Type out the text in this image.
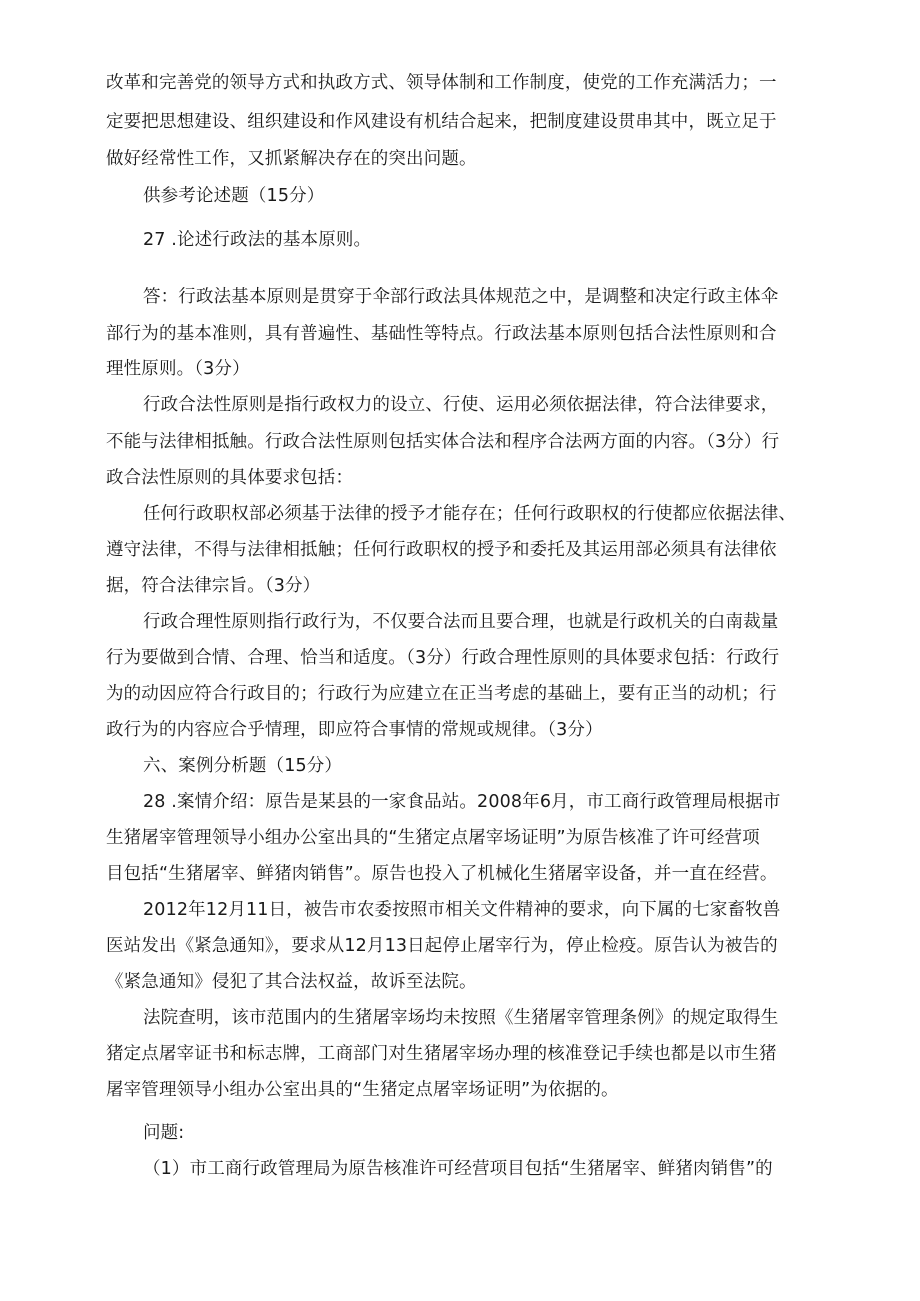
改革和完善党的领导方式和执政方式、领导体制和工作制度，使党的工作充满活力；一
定要把思想建设、组织建设和作风建设有机结合起来，把制度建设贯串其中，既立足于
做好经常性工作，又抓紧解决存在的突出问题。
供参考论述题（15分）
27 .论述行政法的基本原则。
答：行政法基本原则是贯穿于伞部行政法具体规范之中，是调整和决定行政主体伞
部行为的基本准则，具有普遍性、基础性等特点。行政法基本原则包括合法性原则和合
理性原则。（3分）
行政合法性原则是指行政权力的设立、行使、运用必须依据法律，符合法律要求，
不能与法律相抵触。行政合法性原则包括实体合法和程序合法两方面的内容。（3分）行
政合法性原则的具体要求包括：
任何行政职权部必须基于法律的授予才能存在；任何行政职权的行使都应依据法律、
遵守法律，不得与法律相抵触；任何行政职权的授予和委托及其运用部必须具有法律依
据，符合法律宗旨。（3分）
行政合理性原则指行政行为，不仅要合法而且要合理，也就是行政机关的白南裁量
行为要做到合情、合理、恰当和适度。（3分）行政合理性原则的具体要求包括：行政行
为的动因应符合行政目的；行政行为应建立在正当考虑的基础上，要有正当的动机；行
政行为的内容应合乎情理，即应符合事情的常规或规律。（3分）
六、案例分析题（15分）
28 .案情介绍：原告是某县的一家食品站。2008年6月，市工商行政管理局根据市
生猪屠宰管理领导小组办公室出具的“生猪定点屠宰场证明”为原告核准了许可经营项
目包括“生猪屠宰、鲜猪肉销售”。原告也投入了机械化生猪屠宰设备，并一直在经营。
2012年12月11日，被告市农委按照市相关文件精神的要求，向下属的七家畜牧兽
医站发出《紧急通知》，要求从12月13日起停止屠宰行为，停止检疫。原告认为被告的
《紧急通知》侵犯了其合法权益，故诉至法院。
法院查明，该市范围内的生猪屠宰场均未按照《生猪屠宰管理条例》的规定取得生
猪定点屠宰证书和标志牌，工商部门对生猪屠宰场办理的核准登记手续也都是以市生猪
屠宰管理领导小组办公室出具的“生猪定点屠宰场证明”为依据的。
问题:
（1）市工商行政管理局为原告核准许可经营项目包括“生猪屠宰、鲜猪肉销售”的
